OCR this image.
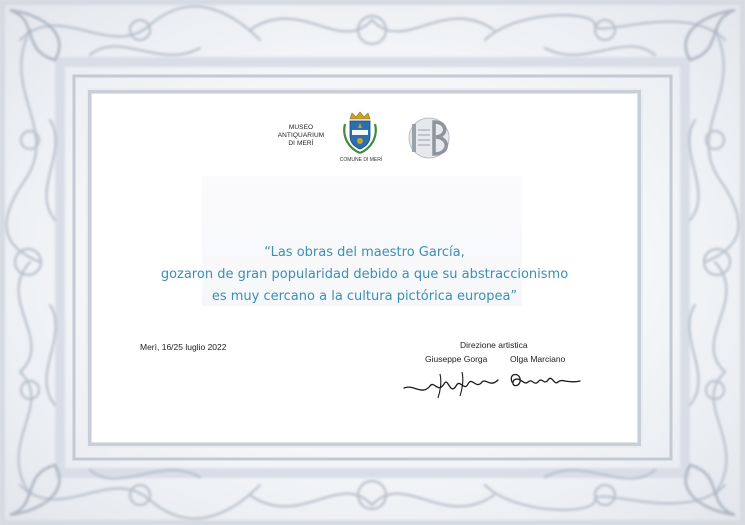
MUSEO
ANTIQUARIUM
DI MERÌ
COMUNE DI MERÌ
“Las obras del maestro García,
gozaron de gran popularidad debido a que su abstraccionismo
es muy cercano a la cultura pictórica europea”
Merì, 16/25 luglio 2022	Direzione artistica
Giuseppe Gorga	Olga Marciano
